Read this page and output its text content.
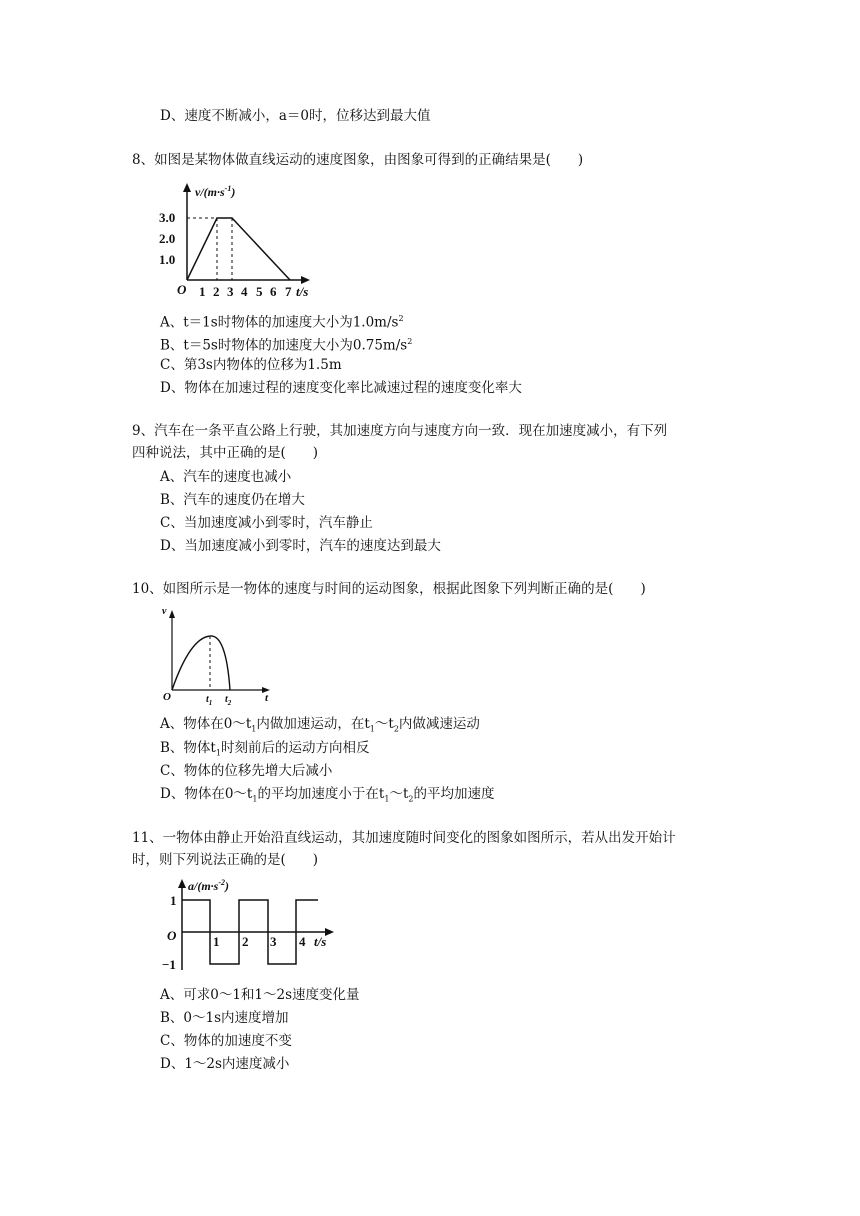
D、速度不断减小，a＝0时，位移达到最大值
8、如图是某物体做直线运动的速度图象，由图象可得到的正确结果是(　　)
$v/(m\cdot s^{-1})$
3.0
2.0
1.0
O 1 2 3 4 5 6 7 t/s
A、t＝1s时物体的加速度大小为$1.0m/s^2$
B、t＝5s时物体的加速度大小为$0.75m/s^2$
C、第3s内物体的位移为1.5m
D、物体在加速过程的速度变化率比减速过程的速度变化率大
9、汽车在一条平直公路上行驶，其加速度方向与速度方向一致．现在加速度减小，有下列
四种说法，其中正确的是(　　)
A、汽车的速度也减小
B、汽车的速度仍在增大
C、当加速度减小到零时，汽车静止
D、当加速度减小到零时，汽车的速度达到最大
10、如图所示是一物体的速度与时间的运动图象，根据此图象下列判断正确的是(　　)
v
O	$t_1$ $t_2$	t
A、物体在$0\sim t_1$内做加速运动，在$t_1\sim t_2$内做减速运动
B、物体$t_1$时刻前后的运动方向相反
C、物体的位移先增大后减小
D、物体在$0\sim t_1$的平均加速度小于在$t_1\sim t_2$的平均加速度
11、一物体由静止开始沿直线运动，其加速度随时间变化的图象如图所示，若从出发开始计
时，则下列说法正确的是(　　)
$a/(m\cdot s^{-2})$
1
−1
O	1 2 3 4 t/s
A、可求0～1和1～2s速度变化量
B、0～1s内速度增加
C、物体的加速度不变
D、1～2s内速度减小
